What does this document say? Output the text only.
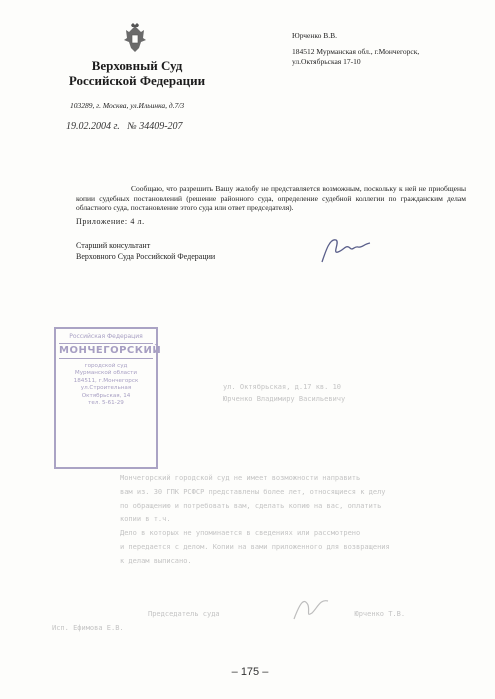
Верховный Суд
Российской Федерации
103289, г. Москва, ул.Ильинка, д.7/3
19.02.2004 г. № 34409-207
Юрченко В.В.
184512 Мурманская обл., г.Мончегорск,
ул.Октябрьская 17-10
Сообщаю, что разрешить Вашу жалобу не представляется возможным, поскольку к ней не приобщены копии судебных постановлений (решение районного суда, определение судебной коллегии по гражданским делам областного суда, постановление этого суда или ответ председателя).
Приложение: 4 л.
Старший консультант
Верховного Суда Российской Федерации
Российская Федерация
МОНЧЕГОРСКИЙ
городской суд
Мурманской области
184511, г.Мончегорск
ул.Строительная
Октябрьская, 14
тел. 5-61-29
ул. Октябрьская, д.17 кв. 10
Юрченко Владимиру Васильевичу
Мончегорский городской суд не имеет возможности направить
вам из. 30 ГПК РСФСР представлены более лет, относящиеся к делу
по обращению и потребовать вам, сделать копию на вас, оплатить
копии в т.ч.
Дело в которых не упоминается в сведениях или рассмотрено
и передается с делом. Копии на вами приложенного для возвращения
к делам выписано.
Председатель суда                                Юрченко Т.В.
Исп. Ефимова Е.В.
– 175 –
